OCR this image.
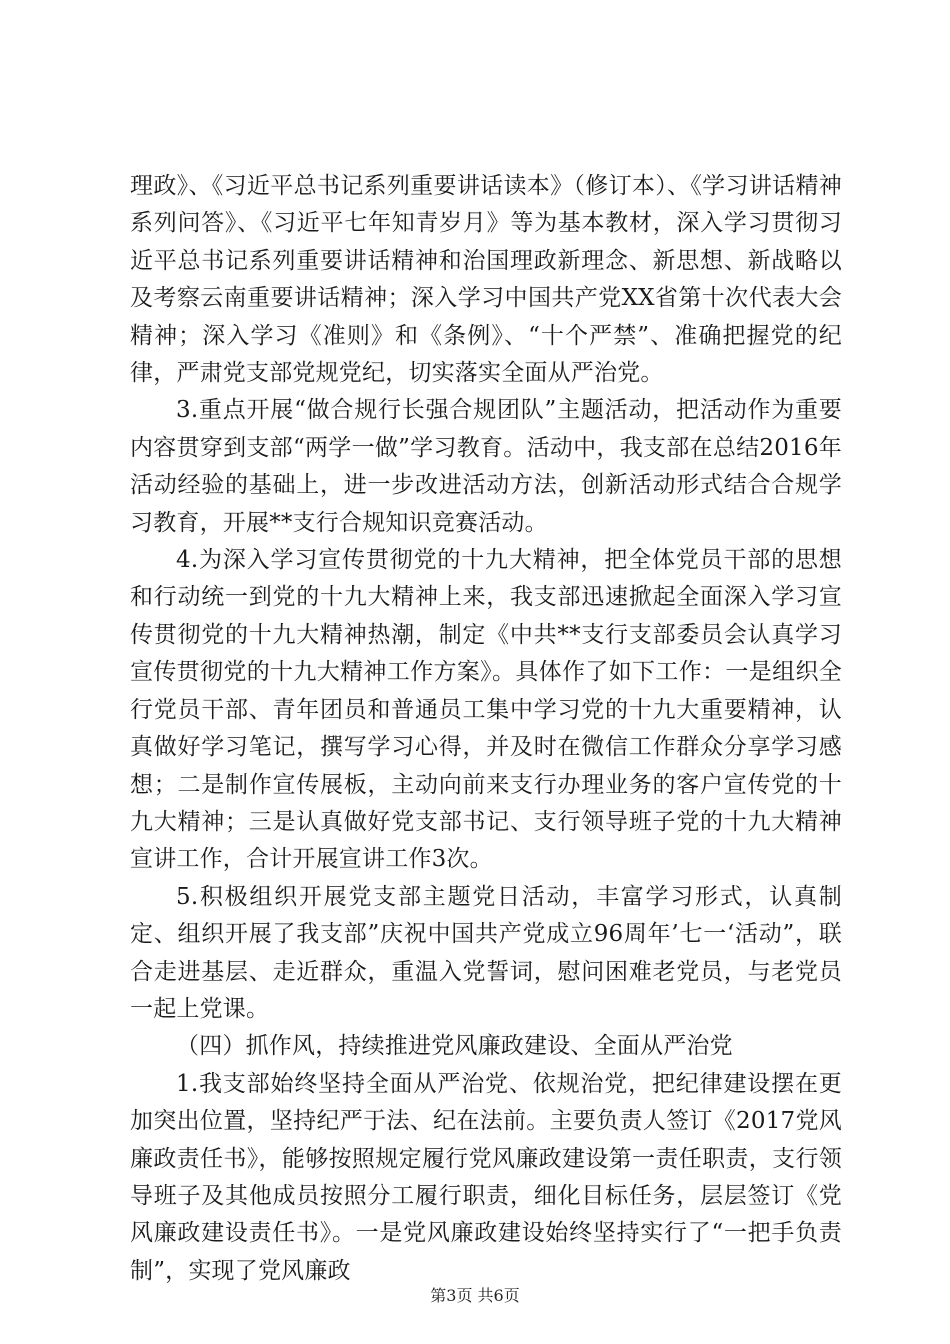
理政》、《习近平总书记系列重要讲话读本》（修订本）、《学习讲话精神系列问答》、《习近平七年知青岁月》等为基本教材，深入学习贯彻习近平总书记系列重要讲话精神和治国理政新理念、新思想、新战略以及考察云南重要讲话精神；深入学习中国共产党XX省第十次代表大会精神；深入学习《准则》和《条例》、“十个严禁”、准确把握党的纪律，严肃党支部党规党纪，切实落实全面从严治党。

3.重点开展“做合规行长强合规团队”主题活动，把活动作为重要内容贯穿到支部“两学一做”学习教育。活动中，我支部在总结2016年活动经验的基础上，进一步改进活动方法，创新活动形式结合合规学习教育，开展**支行合规知识竞赛活动。

4.为深入学习宣传贯彻党的十九大精神，把全体党员干部的思想和行动统一到党的十九大精神上来，我支部迅速掀起全面深入学习宣传贯彻党的十九大精神热潮，制定《中共**支行支部委员会认真学习宣传贯彻党的十九大精神工作方案》。具体作了如下工作：一是组织全行党员干部、青年团员和普通员工集中学习党的十九大重要精神，认真做好学习笔记，撰写学习心得，并及时在微信工作群众分享学习感想；二是制作宣传展板，主动向前来支行办理业务的客户宣传党的十九大精神；三是认真做好党支部书记、支行领导班子党的十九大精神宣讲工作，合计开展宣讲工作3次。

5.积极组织开展党支部主题党日活动，丰富学习形式，认真制定、组织开展了我支部”庆祝中国共产党成立96周年’七一‘活动”，联合走进基层、走近群众，重温入党誓词，慰问困难老党员，与老党员一起上党课。

（四）抓作风，持续推进党风廉政建设、全面从严治党

1.我支部始终坚持全面从严治党、依规治党，把纪律建设摆在更加突出位置，坚持纪严于法、纪在法前。主要负责人签订《2017党风廉政责任书》，能够按照规定履行党风廉政建设第一责任职责，支行领导班子及其他成员按照分工履行职责，细化目标任务，层层签订《党风廉政建设责任书》。一是党风廉政建设始终坚持实行了“一把手负责制”，实现了党风廉政

第3页 共6页
